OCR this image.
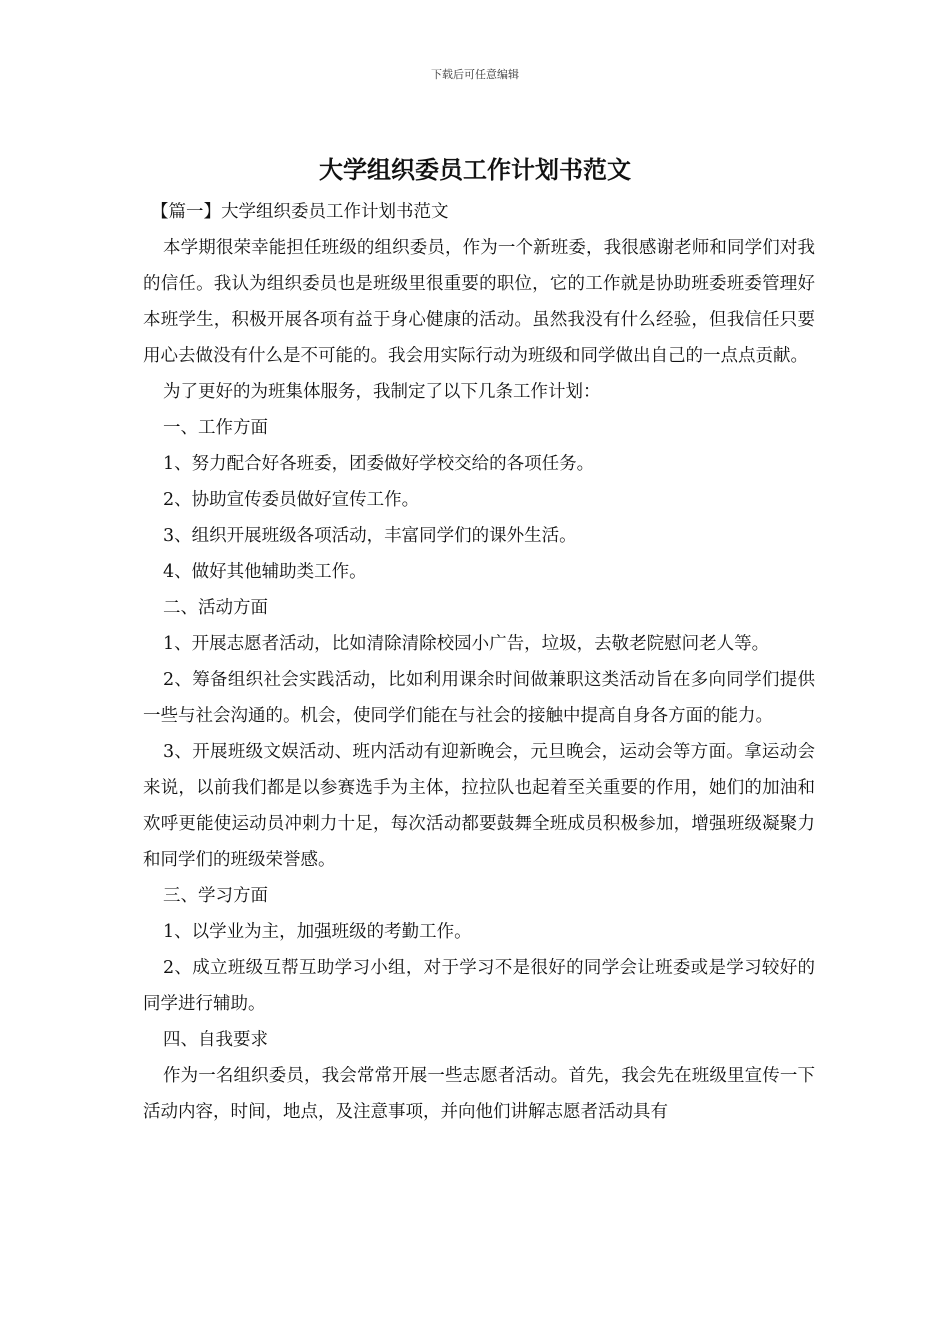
下载后可任意编辑
大学组织委员工作计划书范文

【篇一】大学组织委员工作计划书范文

本学期很荣幸能担任班级的组织委员，作为一个新班委，我很感谢老师和同学们对我的信任。我认为组织委员也是班级里很重要的职位，它的工作就是协助班委班委管理好本班学生，积极开展各项有益于身心健康的活动。虽然我没有什么经验，但我信任只要用心去做没有什么是不可能的。我会用实际行动为班级和同学做出自己的一点点贡献。

为了更好的为班集体服务，我制定了以下几条工作计划：

一、工作方面

1、努力配合好各班委，团委做好学校交给的各项任务。

2、协助宣传委员做好宣传工作。

3、组织开展班级各项活动，丰富同学们的课外生活。

4、做好其他辅助类工作。

二、活动方面

1、开展志愿者活动，比如清除清除校园小广告，垃圾，去敬老院慰问老人等。

2、筹备组织社会实践活动，比如利用课余时间做兼职这类活动旨在多向同学们提供一些与社会沟通的。机会，使同学们能在与社会的接触中提高自身各方面的能力。

3、开展班级文娱活动、班内活动有迎新晚会，元旦晚会，运动会等方面。拿运动会来说，以前我们都是以参赛选手为主体，拉拉队也起着至关重要的作用，她们的加油和欢呼更能使运动员冲刺力十足，每次活动都要鼓舞全班成员积极参加，增强班级凝聚力和同学们的班级荣誉感。

三、学习方面

1、以学业为主，加强班级的考勤工作。

2、成立班级互帮互助学习小组，对于学习不是很好的同学会让班委或是学习较好的同学进行辅助。

四、自我要求

作为一名组织委员，我会常常开展一些志愿者活动。首先，我会先在班级里宣传一下活动内容，时间，地点，及注意事项，并向他们讲解志愿者活动具有
